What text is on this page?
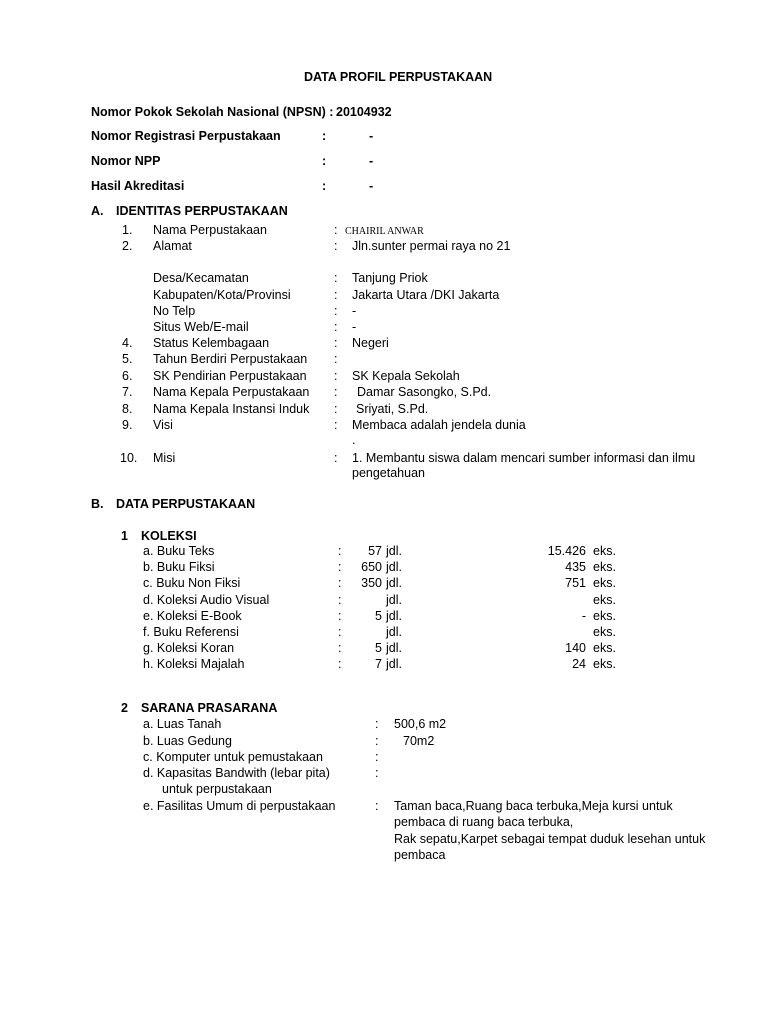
DATA PROFIL PERPUSTAKAAN
Nomor Pokok Sekolah Nasional (NPSN) : 20104932
Nomor Registrasi Perpustakaan	:	-
Nomor NPP	:	-
Hasil Akreditasi	:	-
A. IDENTITAS PERPUSTAKAAN
1. Nama Perpustakaan	: CHAIRIL ANWAR
2. Alamat	: Jln.sunter permai raya no 21
Desa/Kecamatan	: Tanjung Priok
Kabupaten/Kota/Provinsi	: Jakarta Utara /DKI Jakarta
No Telp	: -
Situs Web/E-mail	: -
4. Status Kelembagaan	: Negeri
5. Tahun Berdiri Perpustakaan :
6. SK Pendirian Perpustakaan : SK Kepala Sekolah
7. Nama Kepala Perpustakaan : Damar Sasongko, S.Pd.
8. Nama Kepala Instansi Induk : Sriyati, S.Pd.
9. Visi	: Membaca adalah jendela dunia
.
10. Misi	: 1. Membantu siswa dalam mencari sumber informasi dan ilmu pengetahuan
B. DATA PERPUSTAKAAN
1 KOLEKSI
a. Buku Teks	:	57 jdl.	15.426 eks.
b. Buku Fiksi	:	650 jdl.	435 eks.
c. Buku Non Fiksi	:	350 jdl.	751 eks.
d. Koleksi Audio Visual	:	jdl.	eks.
e. Koleksi E-Book	:	5 jdl.	- eks.
f. Buku Referensi	:	jdl.	eks.
g. Koleksi Koran	:	5 jdl.	140 eks.
h. Koleksi Majalah	:	7 jdl.	24 eks.
2 SARANA PRASARANA
a. Luas Tanah	: 500,6 m2
b. Luas Gedung	: 70m2
c. Komputer untuk pemustakaan	:
d. Kapasitas Bandwith (lebar pita)	:
untuk perpustakaan
e. Fasilitas Umum di perpustakaan	: Taman baca,Ruang baca terbuka,Meja kursi untuk
pembaca di ruang baca terbuka,
Rak sepatu,Karpet sebagai tempat duduk lesehan untuk
pembaca
